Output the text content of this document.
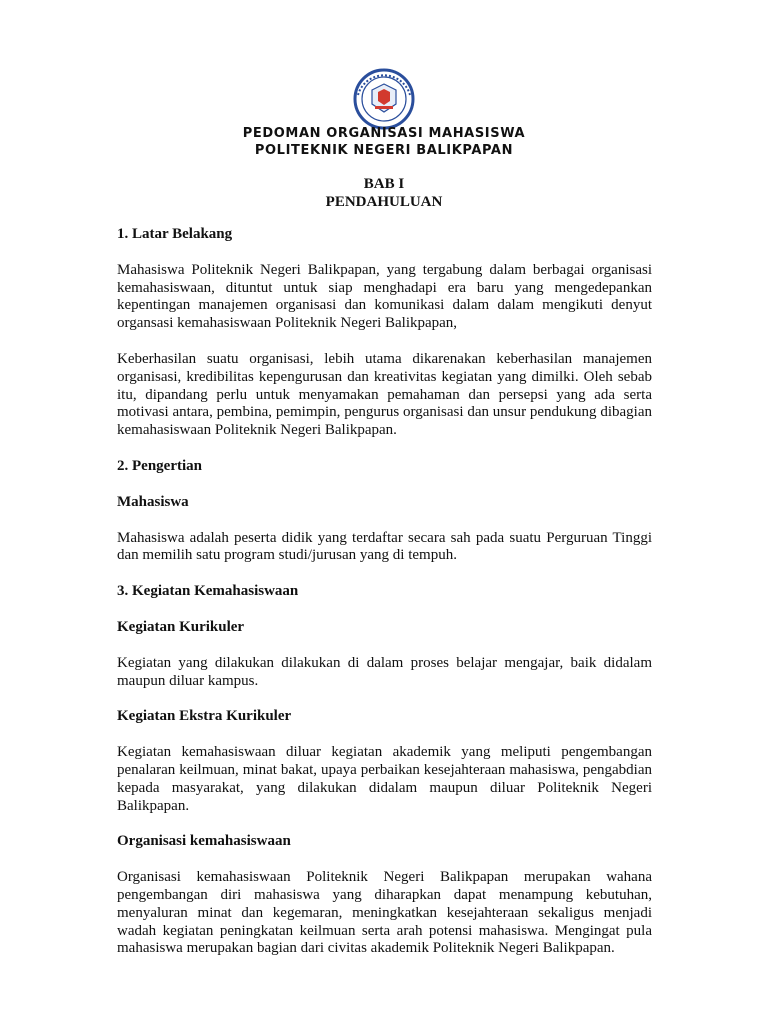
PEDOMAN ORGANISASI MAHASISWA
POLITEKNIK NEGERI BALIKPAPAN
BAB I
PENDAHULUAN
1. Latar Belakang
Mahasiswa Politeknik Negeri Balikpapan, yang tergabung dalam berbagai organisasi kemahasiswaan, dituntut untuk siap menghadapi era baru yang mengedepankan kepentingan manajemen organisasi dan komunikasi dalam dalam mengikuti denyut organsasi kemahasiswaan Politeknik Negeri Balikpapan,
Keberhasilan suatu organisasi, lebih utama dikarenakan keberhasilan manajemen organisasi, kredibilitas kepengurusan dan kreativitas kegiatan yang dimilki. Oleh sebab itu, dipandang perlu untuk menyamakan pemahaman dan persepsi yang ada serta motivasi antara, pembina, pemimpin, pengurus organisasi dan unsur pendukung dibagian kemahasiswaan Politeknik Negeri Balikpapan.
2. Pengertian
Mahasiswa
Mahasiswa adalah peserta didik yang terdaftar secara sah pada suatu Perguruan Tinggi dan memilih satu program studi/jurusan yang di tempuh.
3. Kegiatan Kemahasiswaan
Kegiatan Kurikuler
Kegiatan yang dilakukan dilakukan di dalam proses belajar mengajar, baik didalam maupun diluar kampus.
Kegiatan Ekstra Kurikuler
Kegiatan kemahasiswaan diluar kegiatan akademik yang meliputi pengembangan penalaran keilmuan, minat bakat, upaya perbaikan kesejahteraan mahasiswa, pengabdian kepada masyarakat, yang dilakukan didalam maupun diluar Politeknik Negeri Balikpapan.
Organisasi kemahasiswaan
Organisasi kemahasiswaan Politeknik Negeri Balikpapan merupakan wahana pengembangan diri mahasiswa yang diharapkan dapat menampung kebutuhan, menyaluran minat dan kegemaran, meningkatkan kesejahteraan sekaligus menjadi wadah kegiatan peningkatan keilmuan serta arah potensi mahasiswa. Mengingat pula mahasiswa merupakan bagian dari civitas akademik Politeknik Negeri Balikpapan.
